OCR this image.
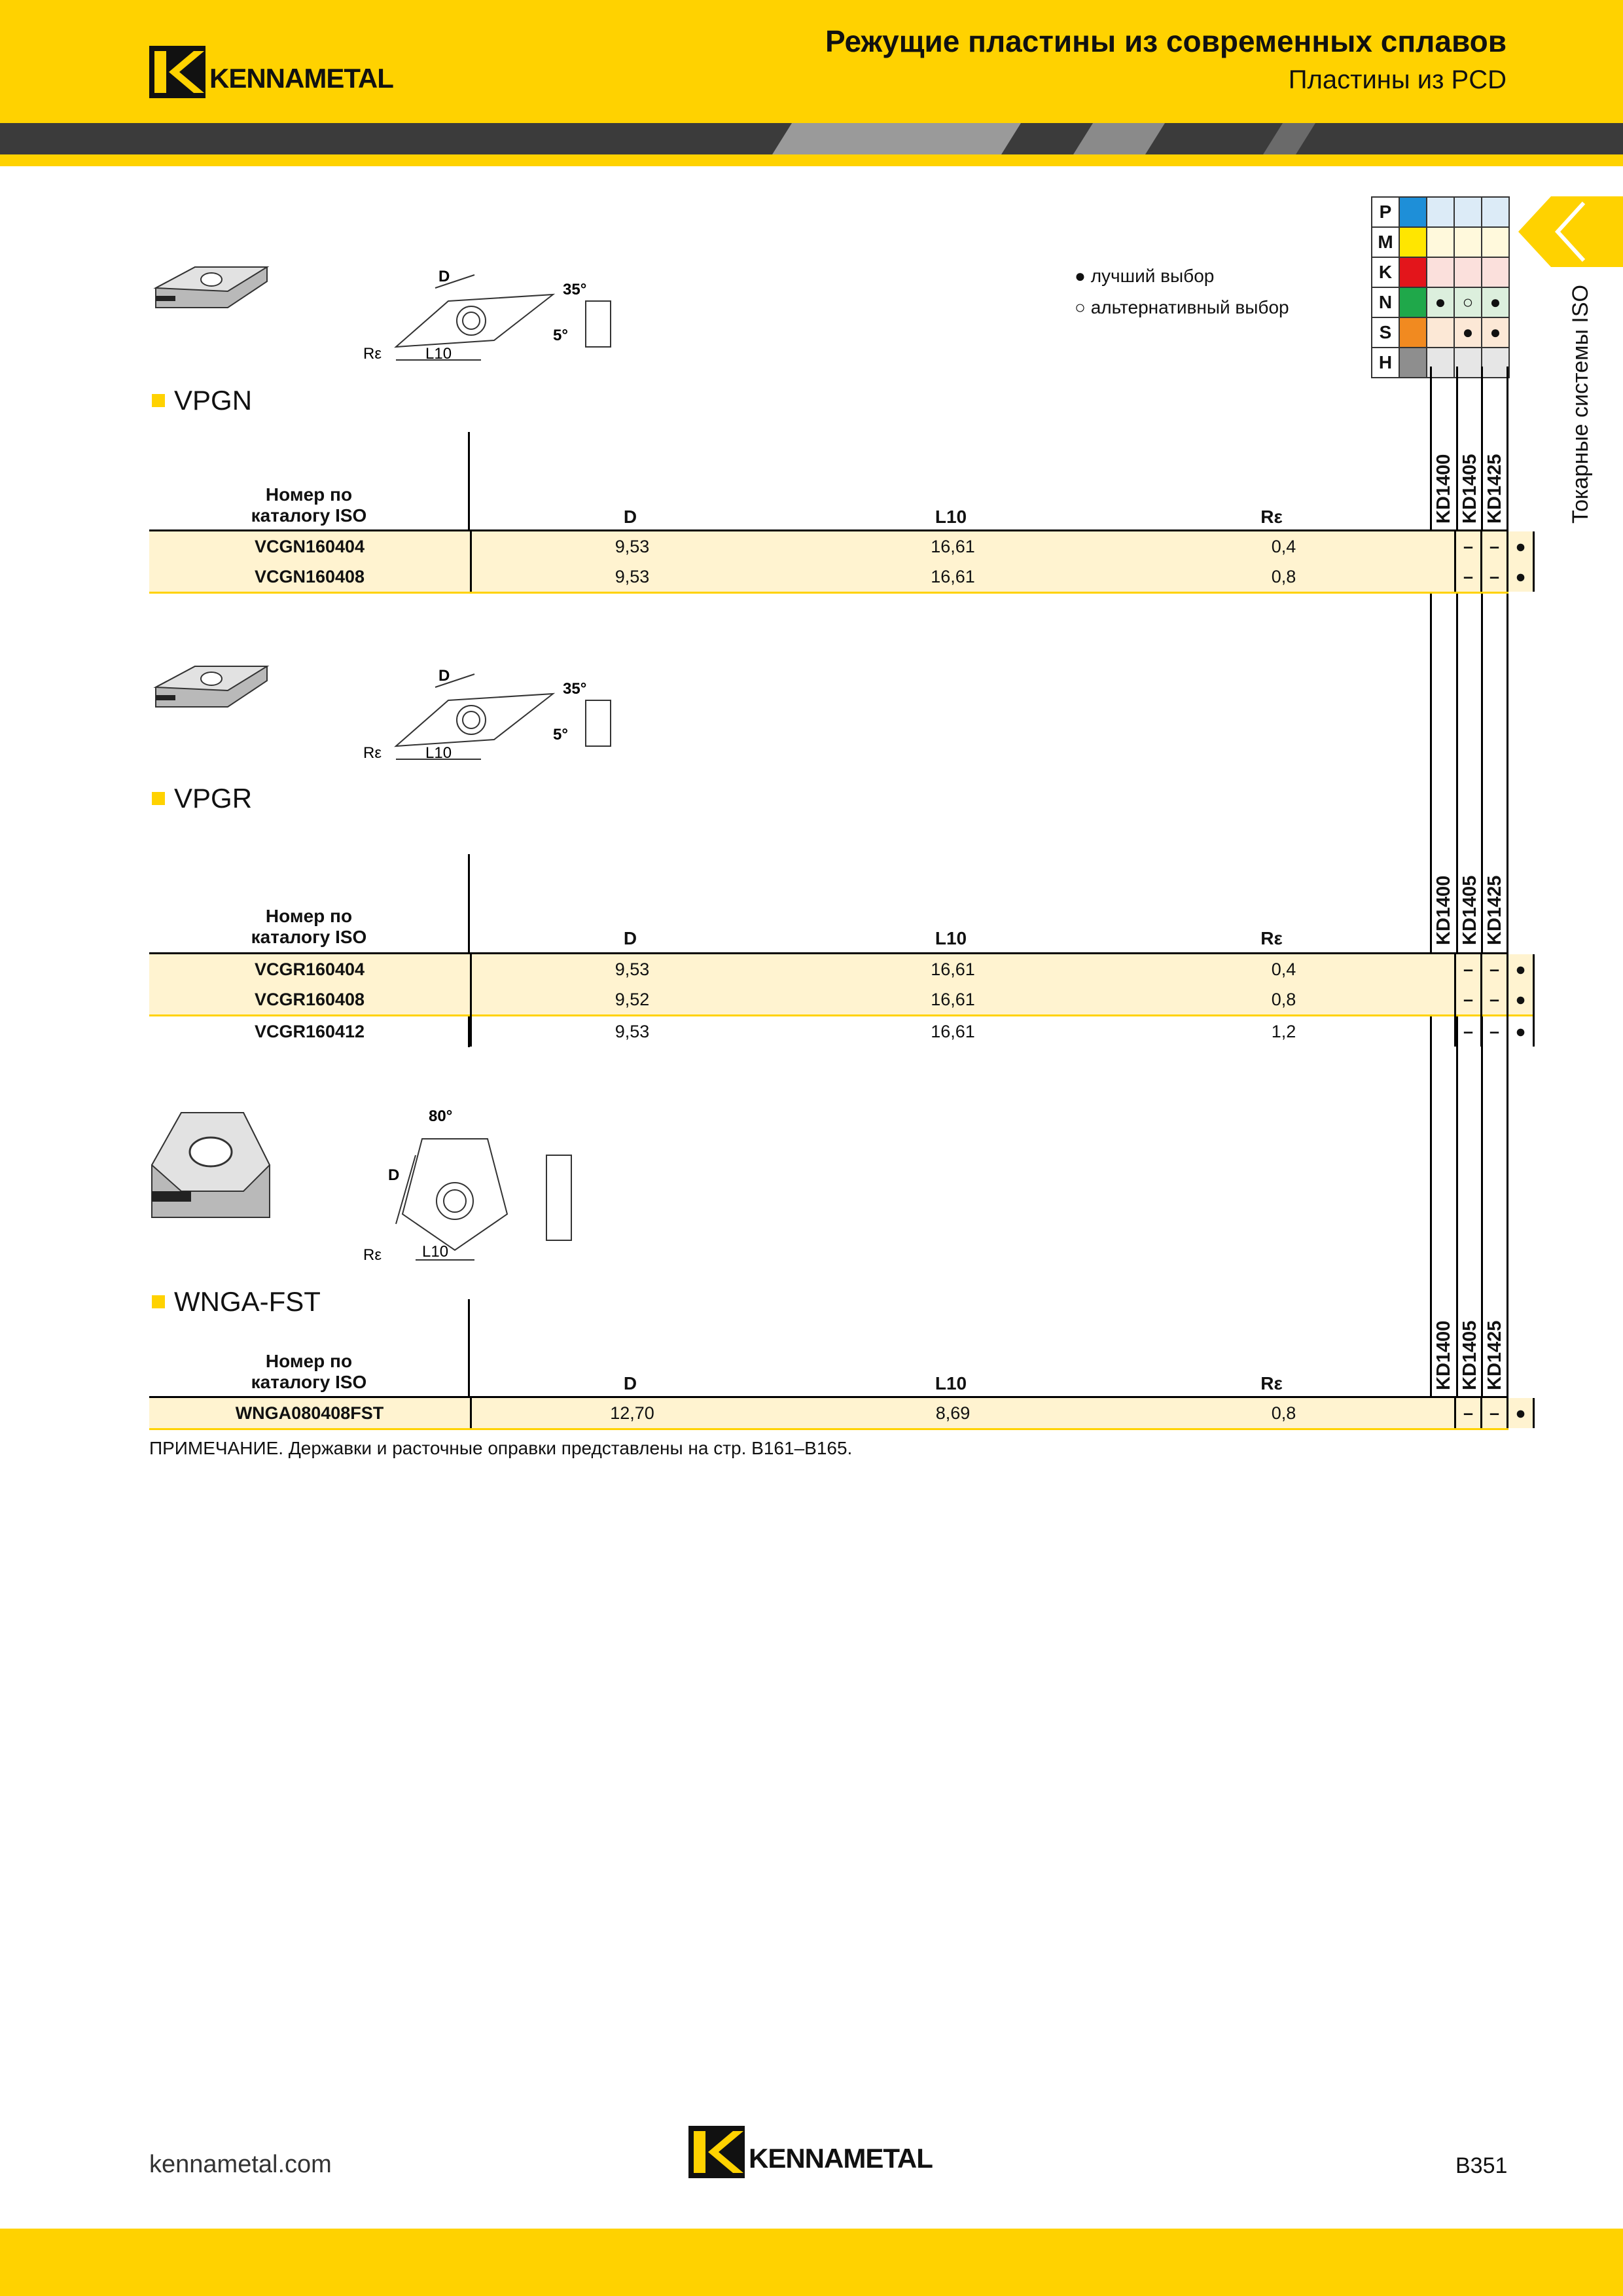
KENNAMETAL
Режущие пластины из современных сплавов
Пластины из PCD
Токарные системы ISO
P				
M				
K				
N		●	○	●
S			●	●
H				
● лучший выбор
○ альтернативный выбор
Rε	L10
D
35°
5°
VPGN
Номер по
каталогу ISO	D	L10	Rε	KD1400 KD1405 KD1425
VCGN160404	9,53	16,61	0,4	–	–	●
VCGN160408	9,53	16,61	0,8	–	–	●
Rε	L10
D
35°
5°
VPGR
Номер по
каталогу ISO	D	L10	Rε	KD1400 KD1405 KD1425
VCGR160404	9,53	16,61	0,4	–	–	●
VCGR160408	9,52	16,61	0,8	–	–	●
VCGR160412	9,53	16,61	1,2	–	–	●
80°
D
Rε	L10
WNGA-FST
Номер по
каталогу ISO	D	L10	Rε	KD1400 KD1405 KD1425
WNGA080408FST	12,70	8,69	0,8	–	–	●
ПРИМЕЧАНИЕ. Державки и расточные оправки представлены на стр. B161–B165.
kennametal.com	KENNAMETAL	B351
